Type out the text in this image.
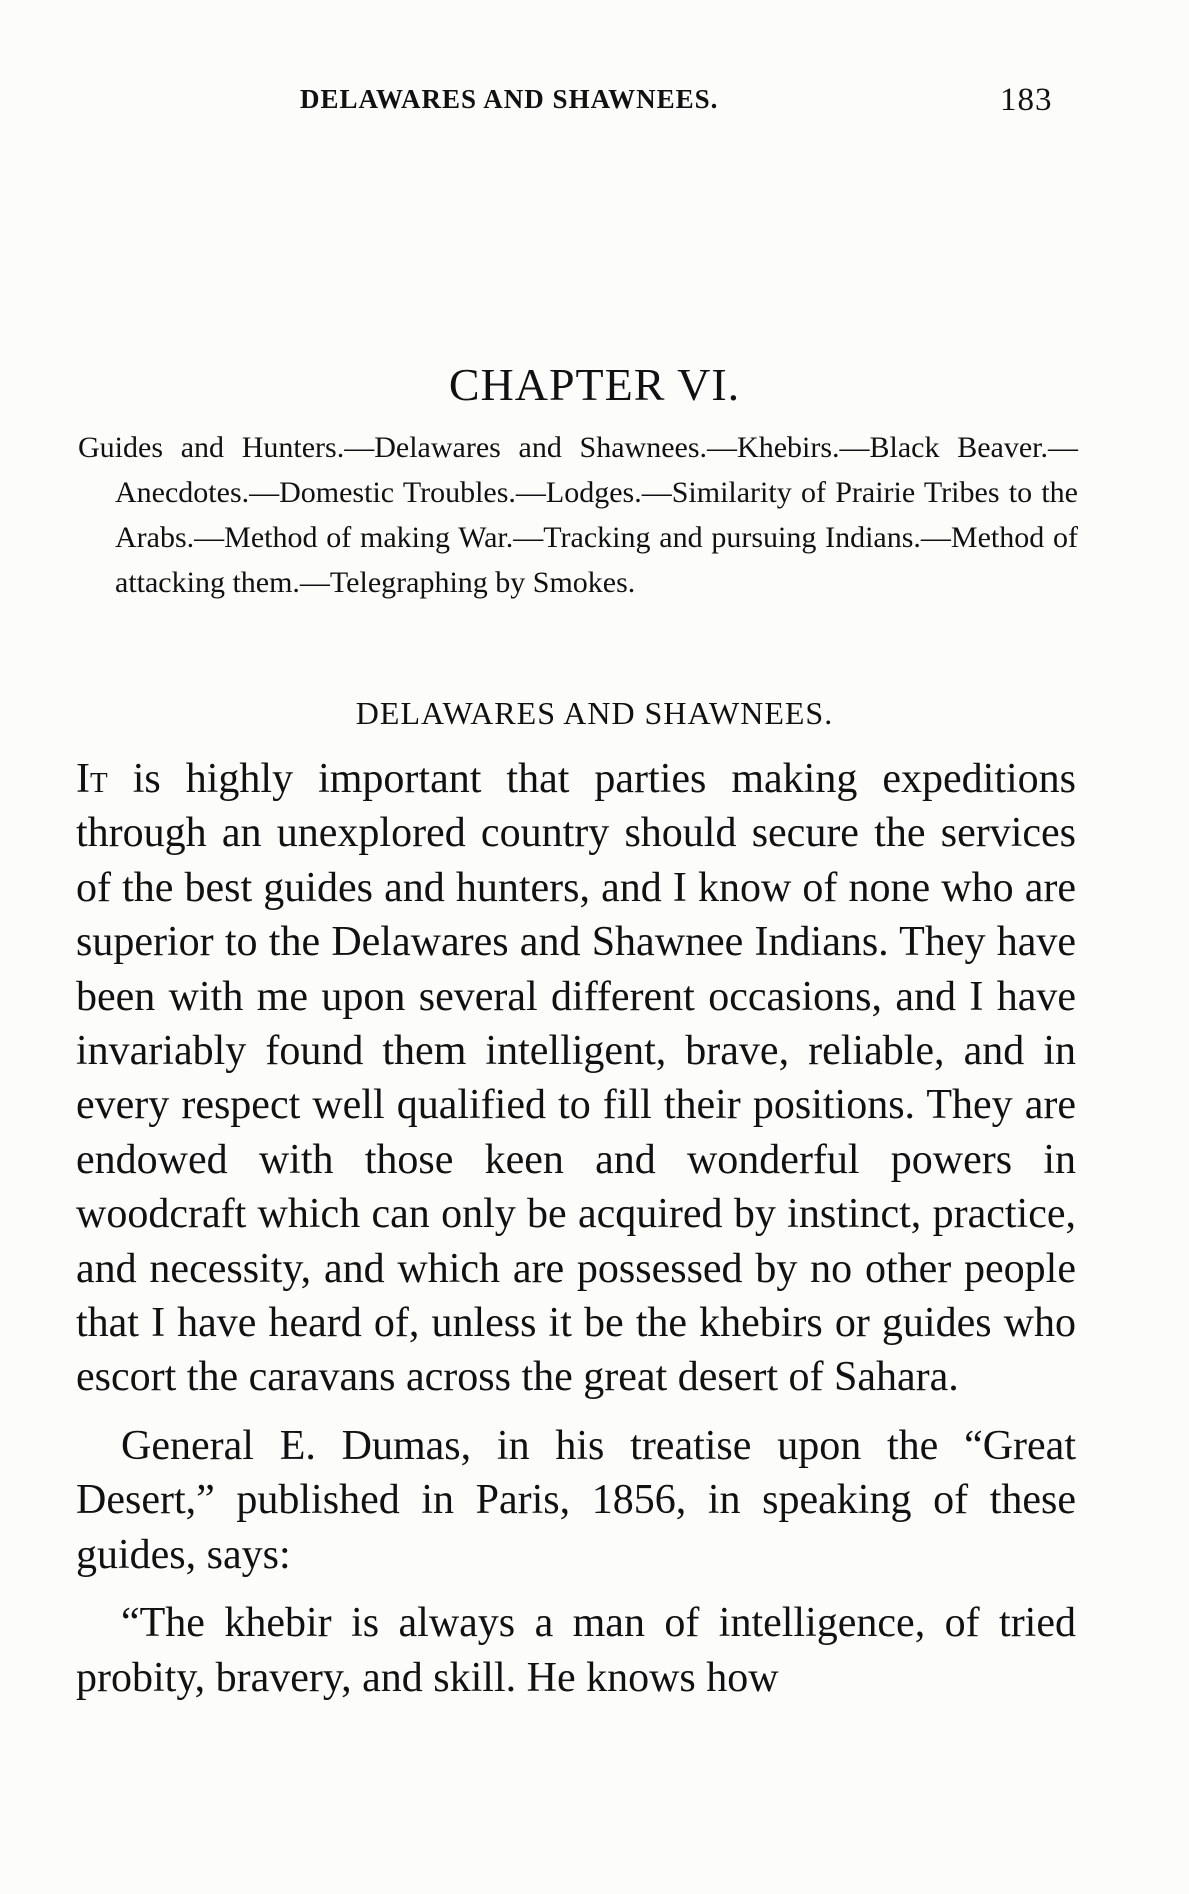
DELAWARES AND SHAWNEES.	183
CHAPTER VI.

Guides and Hunters.—Delawares and Shawnees.—Khebirs.—Black Beaver.—Anecdotes.—Domestic Troubles.—Lodges.—Similarity of Prairie Tribes to the Arabs.—Method of making War.—Tracking and pursuing Indians.—Method of attacking them.—Telegraphing by Smokes.

DELAWARES AND SHAWNEES.

It is highly important that parties making expeditions through an unexplored country should secure the services of the best guides and hunters, and I know of none who are superior to the Delawares and Shawnee Indians. They have been with me upon several different occasions, and I have invariably found them intelligent, brave, reliable, and in every respect well qualified to fill their positions. They are endowed with those keen and wonderful powers in woodcraft which can only be acquired by instinct, practice, and necessity, and which are possessed by no other people that I have heard of, unless it be the khebirs or guides who escort the caravans across the great desert of Sahara.

General E. Dumas, in his treatise upon the “Great Desert,” published in Paris, 1856, in speaking of these guides, says:

“The khebir is always a man of intelligence, of tried probity, bravery, and skill. He knows how
